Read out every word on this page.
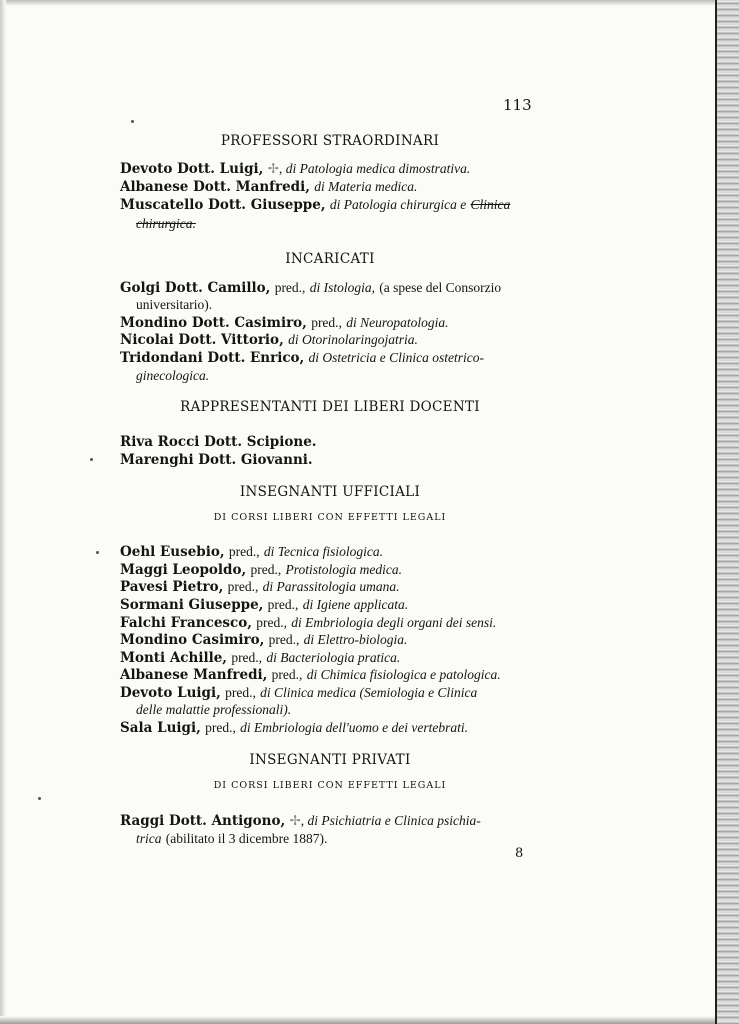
113
PROFESSORI STRAORDINARI
Devoto Dott. Luigi, ✢, di Patologia medica dimostrativa.
Albanese Dott. Manfredi, di Materia medica.
Muscatello Dott. Giuseppe, di Patologia chirurgica e Clinica
chirurgica.
INCARICATI
Golgi Dott. Camillo, pred., di Istologia, (a spese del Consorzio
universitario).
Mondino Dott. Casimiro, pred., di Neuropatologia.
Nicolai Dott. Vittorio, di Otorinolaringojatria.
Tridondani Dott. Enrico, di Ostetricia e Clinica ostetrico-
ginecologica.
RAPPRESENTANTI DEI LIBERI DOCENTI
Riva Rocci Dott. Scipione.
Marenghi Dott. Giovanni.
INSEGNANTI UFFICIALI
DI CORSI LIBERI CON EFFETTI LEGALI
Oehl Eusebio, pred., di Tecnica fisiologica.
Maggi Leopoldo, pred., Protistologia medica.
Pavesi Pietro, pred., di Parassitologia umana.
Sormani Giuseppe, pred., di Igiene applicata.
Falchi Francesco, pred., di Embriologia degli organi dei sensi.
Mondino Casimiro, pred., di Elettro-biologia.
Monti Achille, pred., di Bacteriologia pratica.
Albanese Manfredi, pred., di Chimica fisiologica e patologica.
Devoto Luigi, pred., di Clinica medica (Semiologia e Clinica
delle malattie professionali).
Sala Luigi, pred., di Embriologia dell'uomo e dei vertebrati.
INSEGNANTI PRIVATI
DI CORSI LIBERI CON EFFETTI LEGALI
Raggi Dott. Antigono, ✢, di Psichiatria e Clinica psichia-
trica (abilitato il 3 dicembre 1887).
8
